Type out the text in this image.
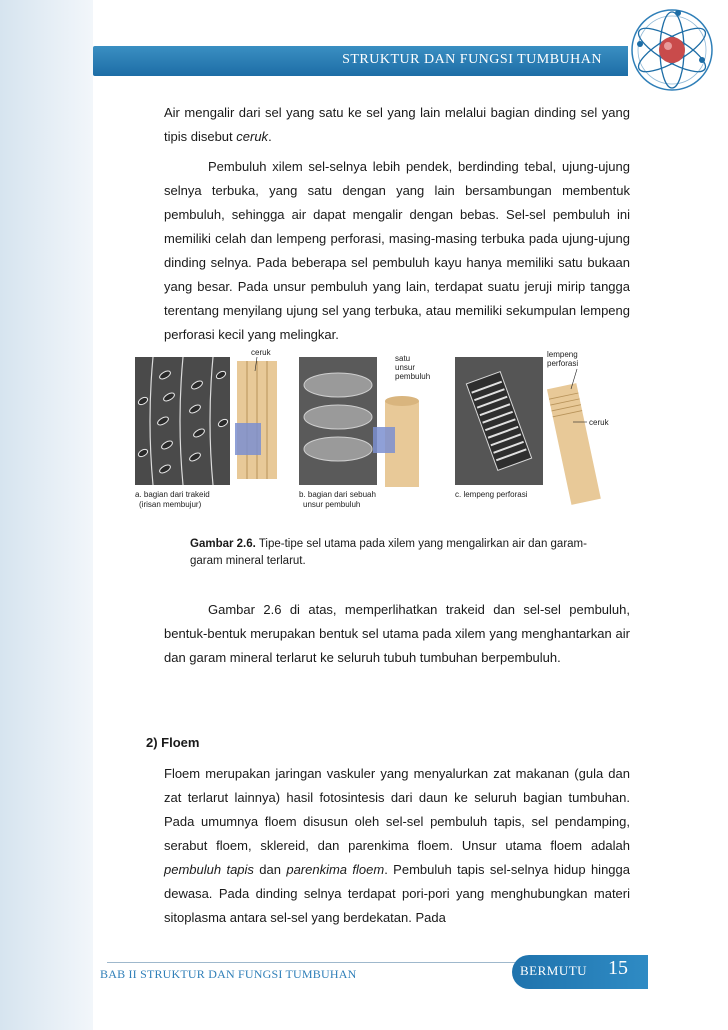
STRUKTUR DAN FUNGSI TUMBUHAN
Air mengalir dari sel yang satu ke sel yang lain melalui bagian dinding sel yang tipis disebut ceruk.
Pembuluh xilem sel-selnya lebih pendek, berdinding tebal, ujung-ujung selnya terbuka, yang satu dengan yang lain bersambungan membentuk pembuluh, sehingga air dapat mengalir dengan bebas. Sel-sel pembuluh ini memiliki celah dan lempeng perforasi, masing-masing terbuka pada ujung-ujung dinding selnya. Pada beberapa sel pembuluh kayu hanya memiliki satu bukaan yang besar. Pada unsur pembuluh yang lain, terdapat suatu jeruji mirip tangga terentang menyilang ujung sel yang terbuka, atau memiliki sekumpulan lempeng perforasi kecil yang melingkar.
ceruk
a. bagian dari trakeid
(irisan membujur)
satu
unsur
pembuluh
b. bagian dari sebuah
unsur pembuluh
lempeng
perforasi
ceruk
c. lempeng perforasi
Gambar 2.6. Tipe-tipe sel utama pada xilem yang mengalirkan air dan garam-garam mineral terlarut.
Gambar 2.6 di atas, memperlihatkan trakeid dan sel-sel pembuluh, bentuk-bentuk merupakan bentuk sel utama pada xilem yang menghantarkan air dan garam mineral terlarut ke seluruh tubuh tumbuhan berpembuluh.
2) Floem
Floem merupakan jaringan vaskuler yang menyalurkan zat makanan (gula dan zat terlarut lainnya) hasil fotosintesis dari daun ke seluruh bagian tumbuhan. Pada umumnya floem disusun oleh sel-sel pembuluh tapis, sel pendamping, serabut floem, sklereid, dan parenkima floem. Unsur utama floem adalah pembuluh tapis dan parenkima floem. Pembuluh tapis sel-selnya hidup hingga dewasa. Pada dinding selnya terdapat pori-pori yang menghubungkan materi sitoplasma antara sel-sel yang berdekatan. Pada
BAB II STRUKTUR DAN FUNGSI TUMBUHAN	BERMUTU 15
